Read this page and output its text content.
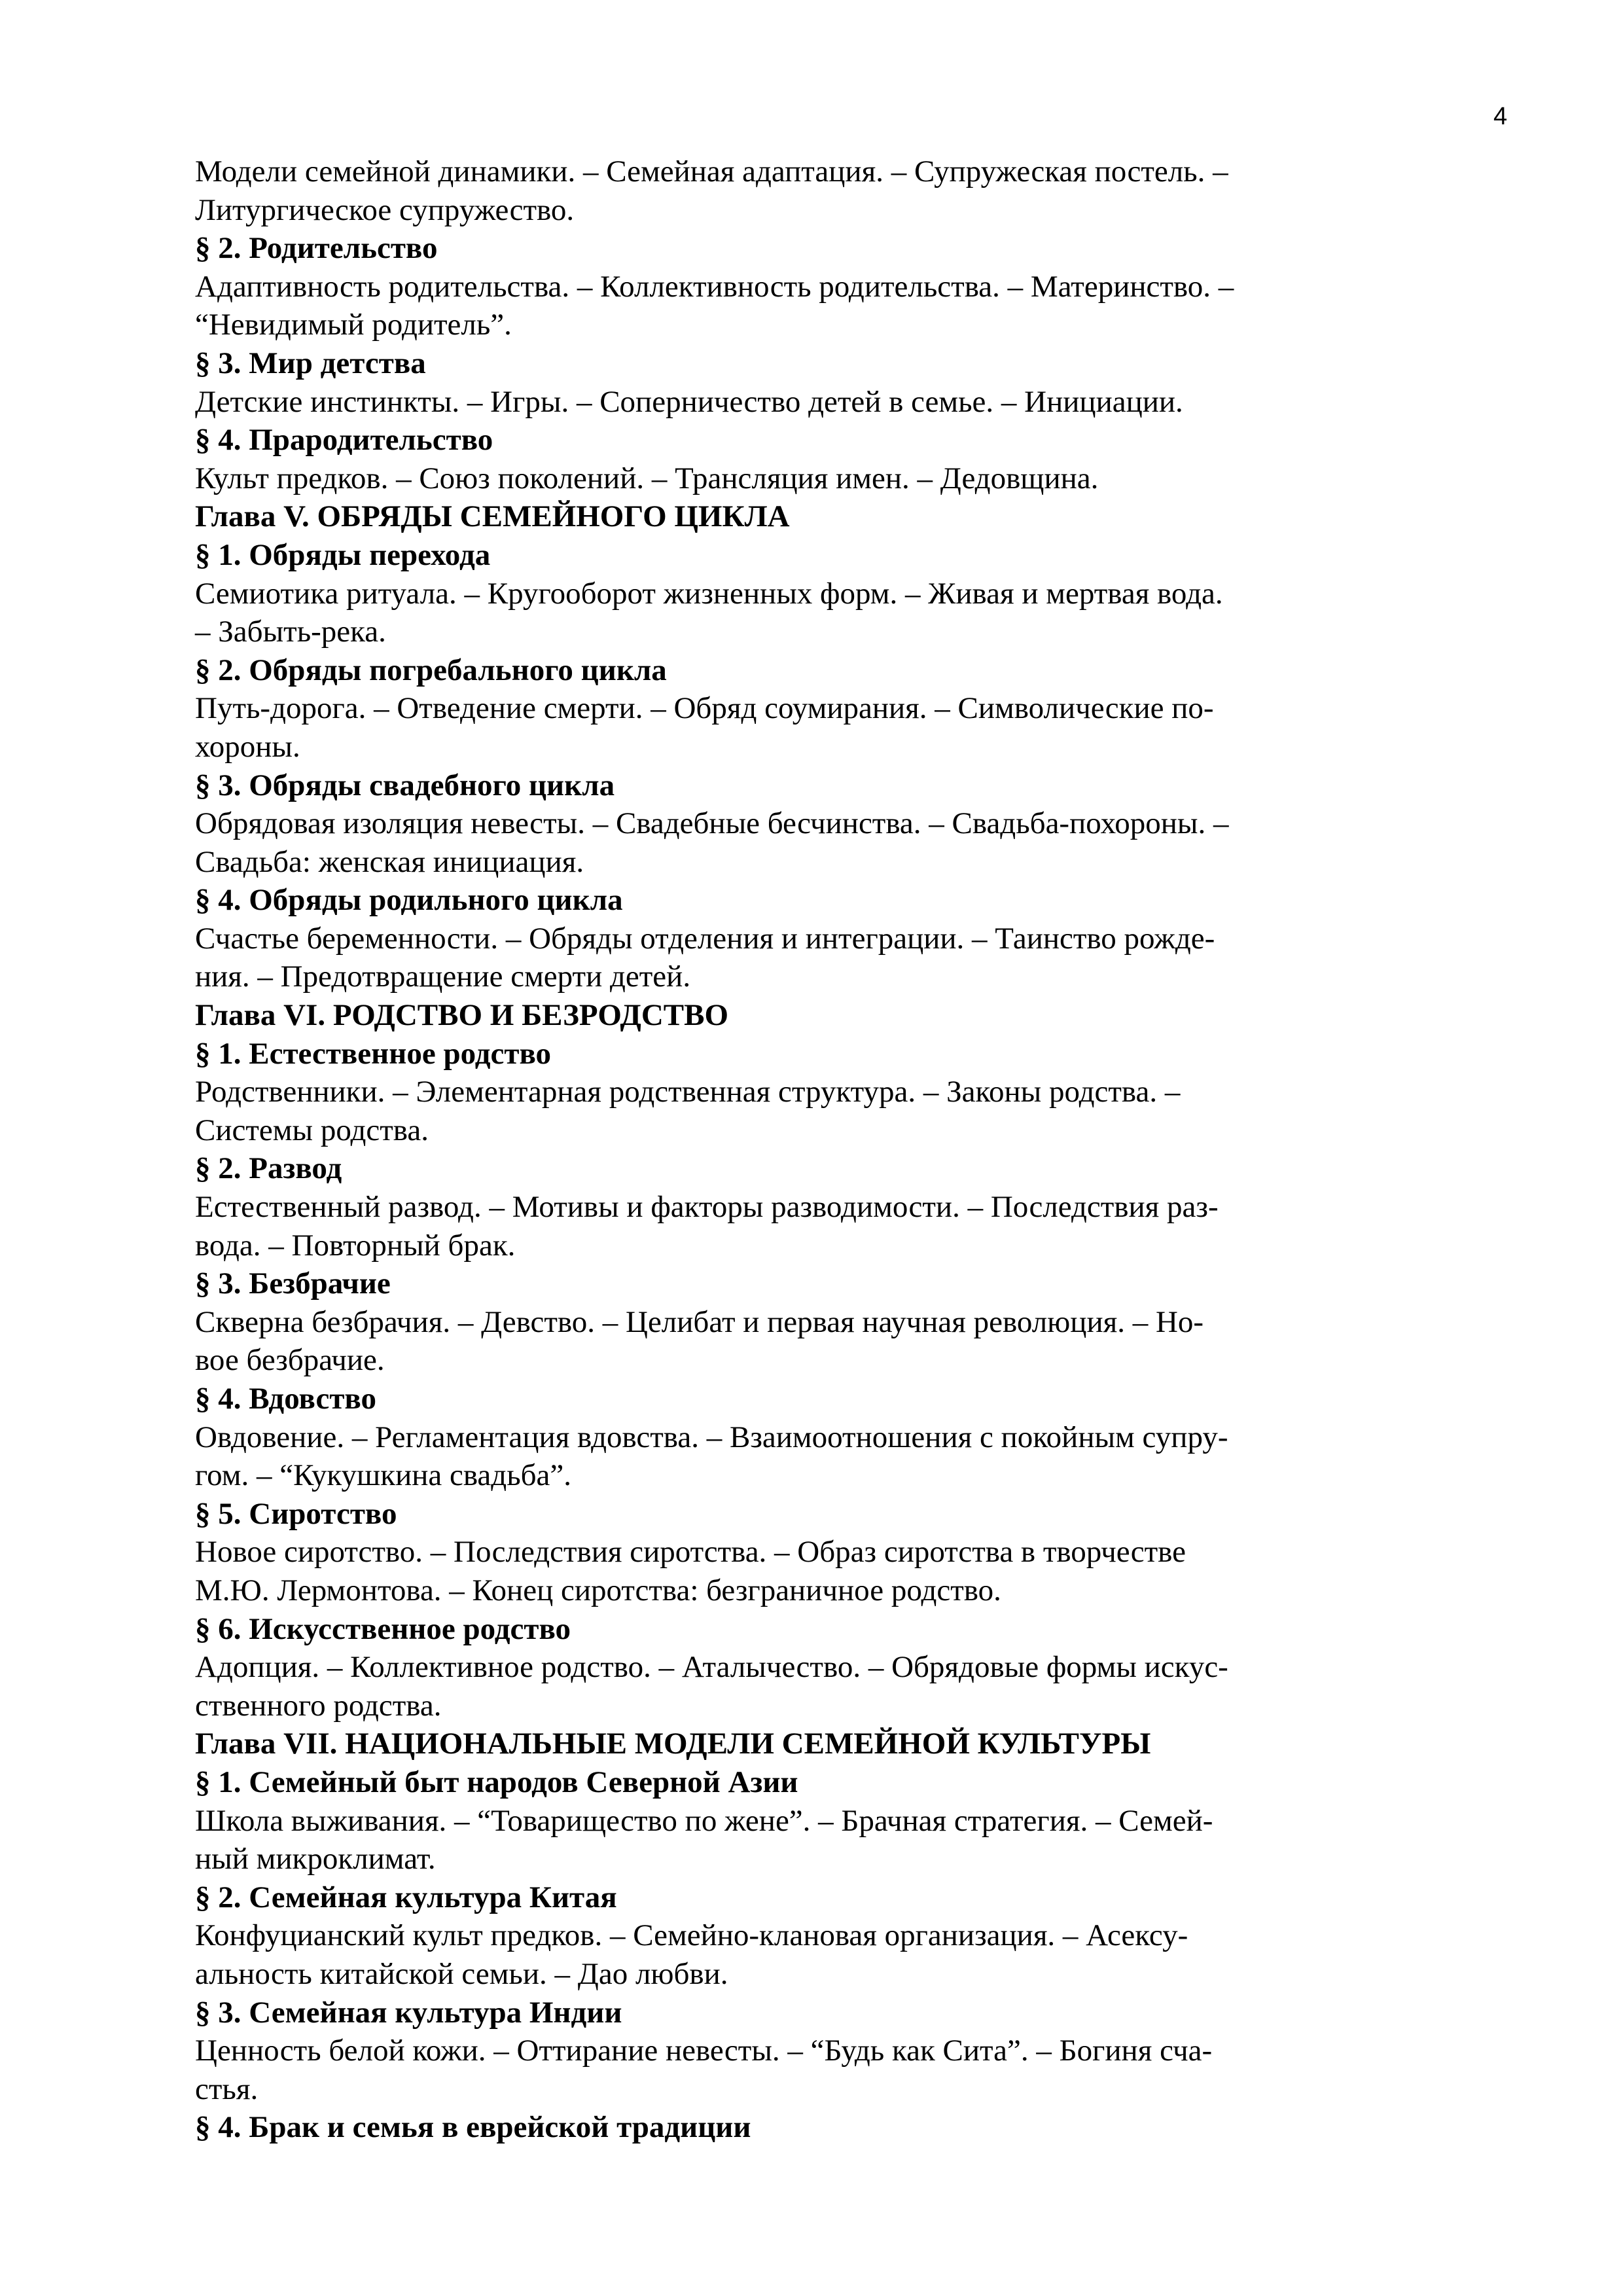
4
Модели семейной динамики. – Семейная адаптация. – Супружеская постель. –
Литургическое супружество.
§ 2. Родительство
Адаптивность родительства. – Коллективность родительства. – Материнство. –
“Невидимый родитель”.
§ 3. Мир детства
Детские инстинкты. – Игры. – Соперничество детей в семье. – Инициации.
§ 4. Прародительство
Культ предков. – Союз поколений. – Трансляция имен. – Дедовщина.
Глава V. ОБРЯДЫ СЕМЕЙНОГО ЦИКЛА
§ 1. Обряды перехода
Семиотика ритуала. – Кругооборот жизненных форм. – Живая и мертвая вода.
– Забыть-река.
§ 2. Обряды погребального цикла
Путь-дорога. – Отведение смерти. – Обряд соумирания. – Символические по-
хороны.
§ 3. Обряды свадебного цикла
Обрядовая изоляция невесты. – Свадебные бесчинства. – Свадьба-похороны. –
Свадьба: женская инициация.
§ 4. Обряды родильного цикла
Счастье беременности. – Обряды отделения и интеграции. – Таинство рожде-
ния. – Предотвращение смерти детей.
Глава VI. РОДСТВО И БЕЗРОДСТВО
§ 1. Естественное родство
Родственники. – Элементарная родственная структура. – Законы родства. –
Системы родства.
§ 2. Развод
Естественный развод. – Мотивы и факторы разводимости. – Последствия раз-
вода. – Повторный брак.
§ 3. Безбрачие
Скверна безбрачия. – Девство. – Целибат и первая научная революция. – Но-
вое безбрачие.
§ 4. Вдовство
Овдовение. – Регламентация вдовства. – Взаимоотношения с покойным супру-
гом. – “Кукушкина свадьба”.
§ 5. Сиротство
Новое сиротство. – Последствия сиротства. – Образ сиротства в творчестве
М.Ю. Лермонтова. – Конец сиротства: безграничное родство.
§ 6. Искусственное родство
Адопция. – Коллективное родство. – Аталычество. – Обрядовые формы искус-
ственного родства.
Глава VII. НАЦИОНАЛЬНЫЕ МОДЕЛИ СЕМЕЙНОЙ КУЛЬТУРЫ
§ 1. Семейный быт народов Северной Азии
Школа выживания. – “Товарищество по жене”. – Брачная стратегия. – Семей-
ный микроклимат.
§ 2. Семейная культура Китая
Конфуцианский культ предков. – Семейно-клановая организация. – Асексу-
альность китайской семьи. – Дао любви.
§ 3. Семейная культура Индии
Ценность белой кожи. – Оттирание невесты. – “Будь как Сита”. – Богиня сча-
стья.
§ 4. Брак и семья в еврейской традиции
